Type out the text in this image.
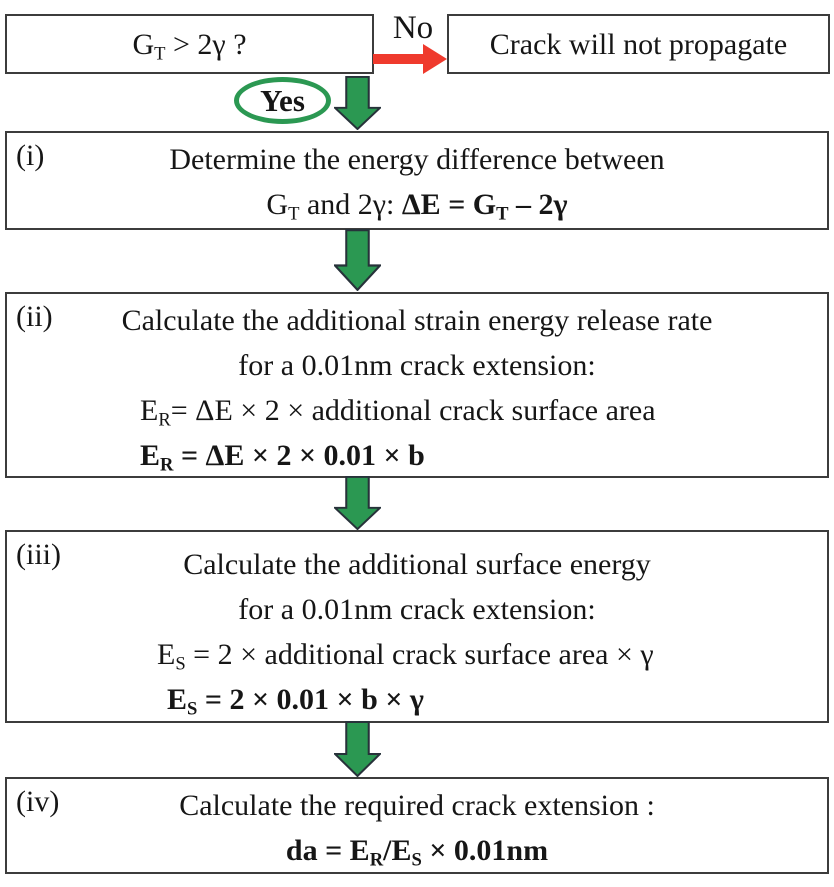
$G_T > 2\gamma$ ?	No	Crack will not propagate
Yes
(i)	Determine the energy difference between
$G_T$ and 2γ: $\Delta E = G_T - 2\gamma$
(ii)	Calculate the additional strain energy release rate
for a 0.01nm crack extension:
$E_R= \Delta E \times 2$ × additional crack surface area
$E_R = \Delta E \times 2 \times 0.01 \times b$
(iii)	Calculate the additional surface energy
for a 0.01nm crack extension:
$E_S = 2$ × additional crack surface area × γ
$E_S = 2 \times 0.01 \times b \times \gamma$
(iv)	Calculate the required crack extension :
da = $E_R/E_S \times 0.01nm$
